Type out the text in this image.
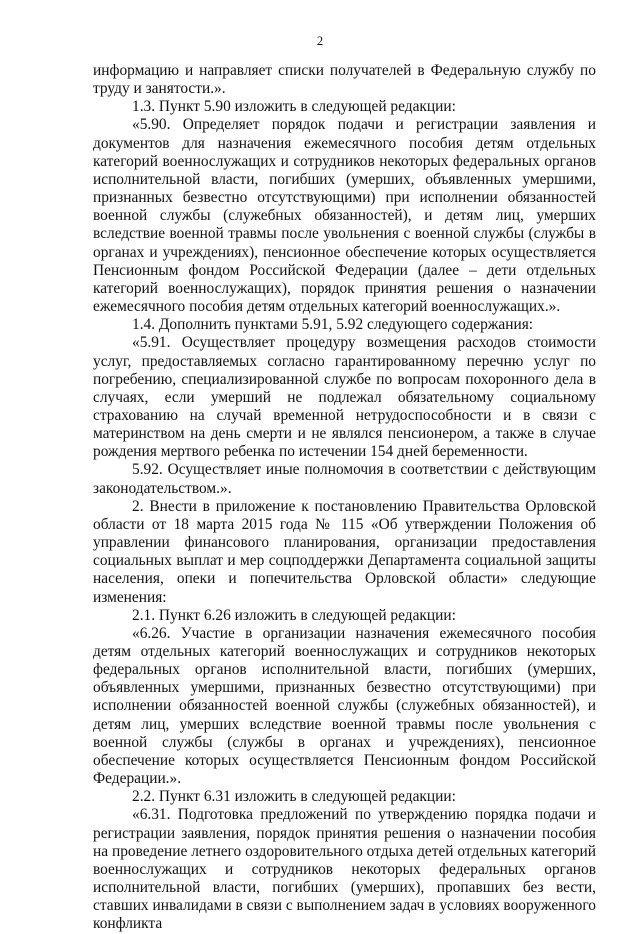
2

информацию и направляет списки получателей в Федеральную службу по труду и занятости.».

1.3. Пункт 5.90 изложить в следующей редакции:

«5.90. Определяет порядок подачи и регистрации заявления и документов для назначения ежемесячного пособия детям отдельных категорий военнослужащих и сотрудников некоторых федеральных органов исполнительной власти, погибших (умерших, объявленных умершими, признанных безвестно отсутствующими) при исполнении обязанностей военной службы (служебных обязанностей), и детям лиц, умерших вследствие военной травмы после увольнения с военной службы (службы в органах и учреждениях), пенсионное обеспечение которых осуществляется Пенсионным фондом Российской Федерации (далее – дети отдельных категорий военнослужащих), порядок принятия решения о назначении ежемесячного пособия детям отдельных категорий военнослужащих.».

1.4. Дополнить пунктами 5.91, 5.92 следующего содержания:

«5.91. Осуществляет процедуру возмещения расходов стоимости услуг, предоставляемых согласно гарантированному перечню услуг по погребению, специализированной службе по вопросам похоронного дела в случаях, если умерший не подлежал обязательному социальному страхованию на случай временной нетрудоспособности и в связи с материнством на день смерти и не являлся пенсионером, а также в случае рождения мертвого ребенка по истечении 154 дней беременности.

5.92. Осуществляет иные полномочия в соответствии с действующим законодательством.».

2. Внести в приложение к постановлению Правительства Орловской области от 18 марта 2015 года № 115 «Об утверждении Положения об управлении финансового планирования, организации предоставления социальных выплат и мер соцподдержки Департамента социальной защиты населения, опеки и попечительства Орловской области» следующие изменения:

2.1. Пункт 6.26 изложить в следующей редакции:

«6.26. Участие в организации назначения ежемесячного пособия детям отдельных категорий военнослужащих и сотрудников некоторых федеральных органов исполнительной власти, погибших (умерших, объявленных умершими, признанных безвестно отсутствующими) при исполнении обязанностей военной службы (служебных обязанностей), и детям лиц, умерших вследствие военной травмы после увольнения с военной службы (службы в органах и учреждениях), пенсионное обеспечение которых осуществляется Пенсионным фондом Российской Федерации.».

2.2. Пункт 6.31 изложить в следующей редакции:

«6.31. Подготовка предложений по утверждению порядка подачи и регистрации заявления, порядок принятия решения о назначении пособия на проведение летнего оздоровительного отдыха детей отдельных категорий военнослужащих и сотрудников некоторых федеральных органов исполнительной власти, погибших (умерших), пропавших без вести, ставших инвалидами в связи с выполнением задач в условиях вооруженного конфликта
